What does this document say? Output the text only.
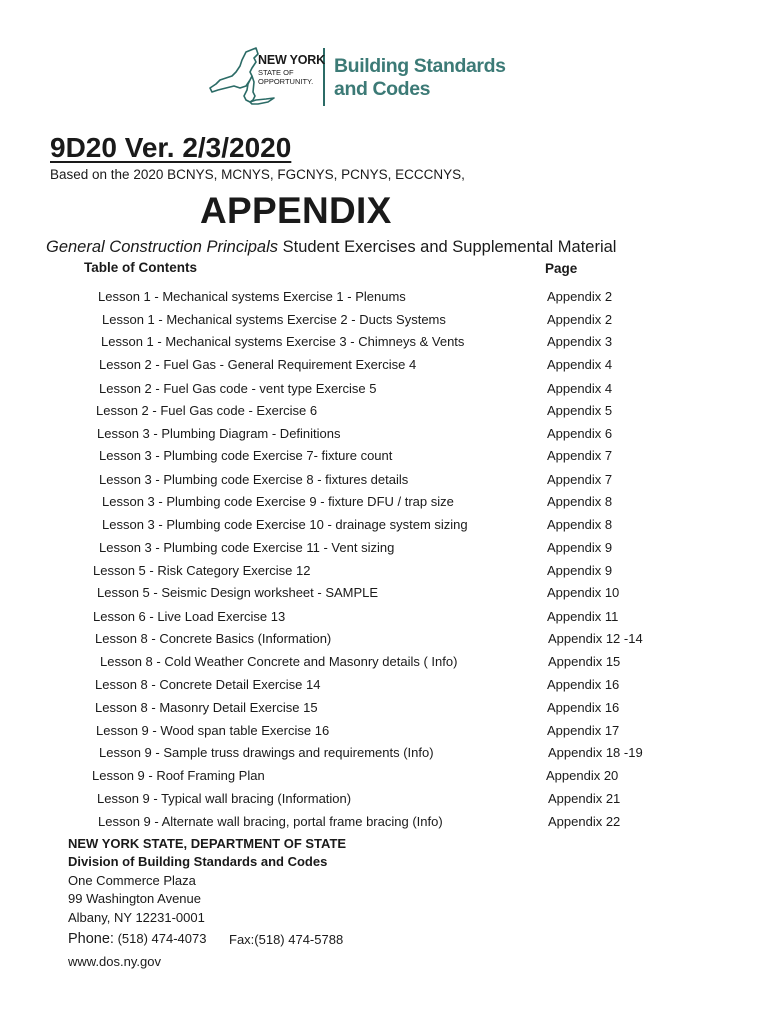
NEW YORK
STATE OF
OPPORTUNITY.
Building Standards
and Codes
9D20 Ver. 2/3/2020
Based on the 2020 BCNYS, MCNYS, FGCNYS, PCNYS, ECCCNYS,
APPENDIX
General Construction Principals Student Exercises and Supplemental Material
Table of Contents	Page
Lesson 1 - Mechanical systems Exercise 1 - Plenums	Appendix 2
Lesson 1 - Mechanical systems Exercise 2 - Ducts Systems	Appendix 2
Lesson 1 - Mechanical systems Exercise 3 - Chimneys & Vents	Appendix 3
Lesson 2 - Fuel Gas - General Requirement Exercise 4	Appendix 4
Lesson 2 - Fuel Gas code - vent type Exercise 5	Appendix 4
Lesson 2 - Fuel Gas code - Exercise 6	Appendix 5
Lesson 3 - Plumbing Diagram - Definitions	Appendix 6
Lesson 3 - Plumbing code Exercise 7- fixture count	Appendix 7
Lesson 3 - Plumbing code Exercise 8 - fixtures details	Appendix 7
Lesson 3 - Plumbing code Exercise 9 - fixture DFU / trap size	Appendix 8
Lesson 3 - Plumbing code Exercise 10 - drainage system sizing	Appendix 8
Lesson 3 - Plumbing code Exercise 11 - Vent sizing	Appendix 9
Lesson 5 - Risk Category Exercise 12	Appendix 9
Lesson 5 - Seismic Design worksheet - SAMPLE	Appendix 10
Lesson 6 - Live Load Exercise 13	Appendix 11
Lesson 8 - Concrete Basics (Information)	Appendix 12 -14
Lesson 8 - Cold Weather Concrete and Masonry details ( Info)	Appendix 15
Lesson 8 - Concrete Detail Exercise 14	Appendix 16
Lesson 8 - Masonry Detail Exercise 15	Appendix 16
Lesson 9 - Wood span table Exercise 16	Appendix 17
Lesson 9 - Sample truss drawings and requirements (Info)	Appendix 18 -19
Lesson 9 - Roof Framing Plan	Appendix 20
Lesson 9 - Typical wall bracing (Information)	Appendix 21
Lesson 9 - Alternate wall bracing, portal frame bracing (Info)	Appendix 22
NEW YORK STATE, DEPARTMENT OF STATE
Division of Building Standards and Codes
One Commerce Plaza
99 Washington Avenue
Albany, NY 12231-0001
Phone: (518) 474-4073 Fax:(518) 474-5788
www.dos.ny.gov
